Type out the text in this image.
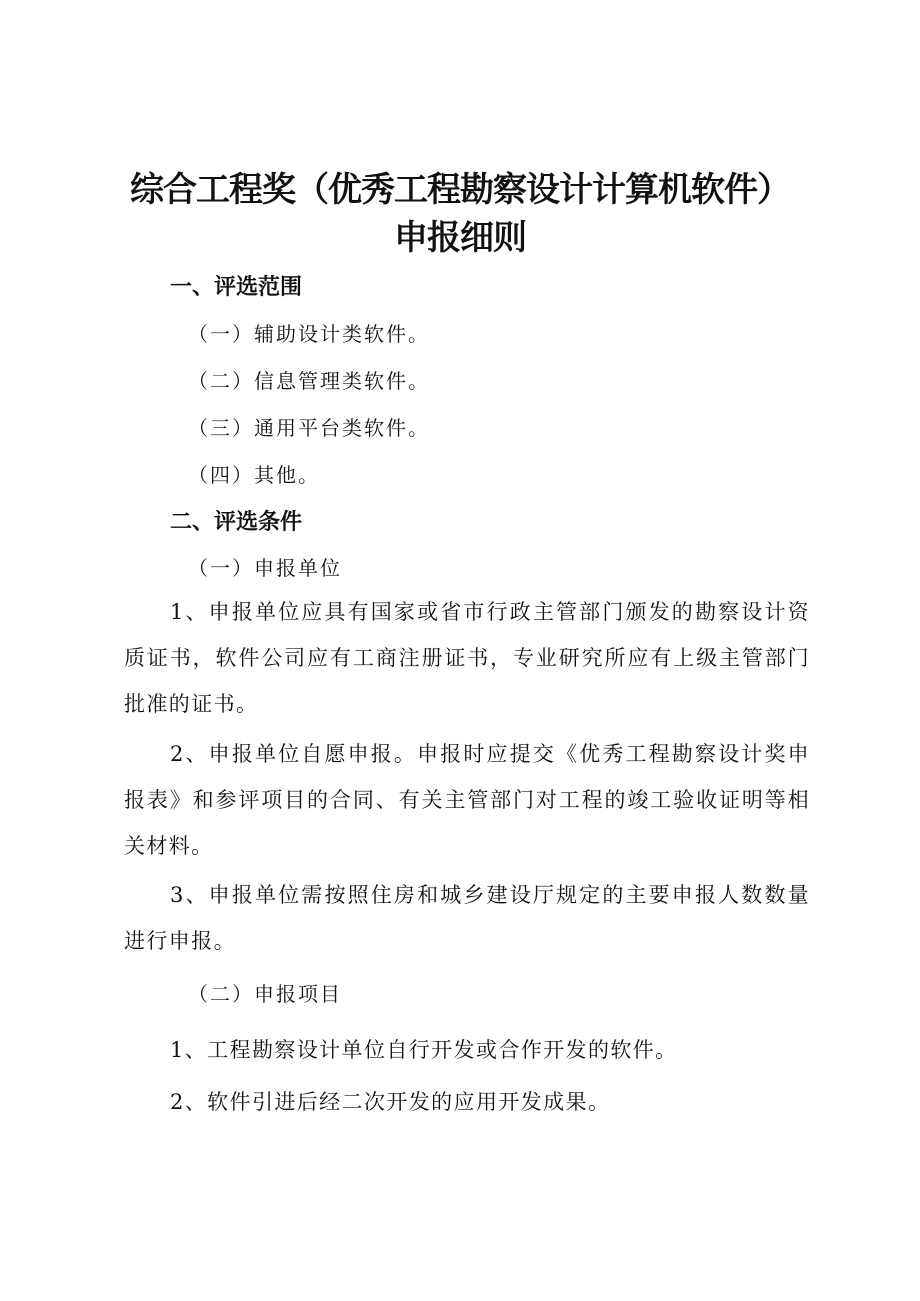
综合工程奖（优秀工程勘察设计计算机软件）
申报细则
一、评选范围
（一）辅助设计类软件。
（二）信息管理类软件。
（三）通用平台类软件。
（四）其他。
二、评选条件
（一）申报单位
1、申报单位应具有国家或省市行政主管部门颁发的勘察设计资质证书，软件公司应有工商注册证书，专业研究所应有上级主管部门批准的证书。
2、申报单位自愿申报。申报时应提交《优秀工程勘察设计奖申报表》和参评项目的合同、有关主管部门对工程的竣工验收证明等相关材料。
3、申报单位需按照住房和城乡建设厅规定的主要申报人数数量进行申报。
（二）申报项目
1、工程勘察设计单位自行开发或合作开发的软件。
2、软件引进后经二次开发的应用开发成果。
